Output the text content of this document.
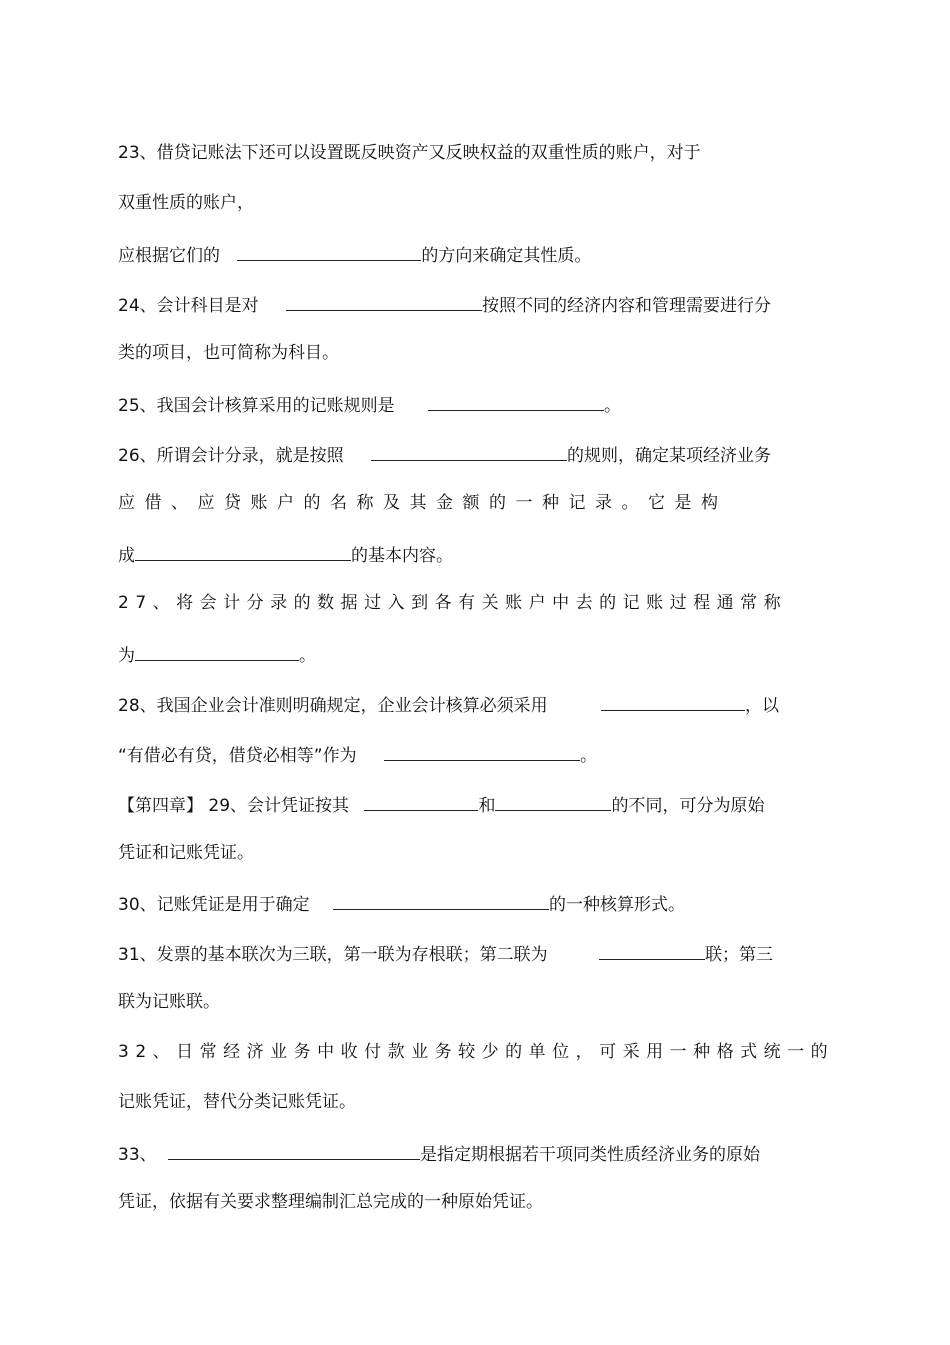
23、借贷记账法下还可以设置既反映资产又反映权益的双重性质的账户，对于
双重性质的账户，
应根据它们的	的方向来确定其性质。
24、会计科目是对	按照不同的经济内容和管理需要进行分
类的项目，也可简称为科目。
25、我国会计核算采用的记账规则是	。
26、所谓会计分录，就是按照	的规则，确定某项经济业务
应借、应贷账户的名称及其金额的一种记录。它是构
成	的基本内容。
27、将会计分录的数据过入到各有关账户中去的记账过程通常称
为	。
28、我国企业会计准则明确规定，企业会计核算必须采用	，以
“有借必有贷，借贷必相等”作为	。
【第四章】 29、会计凭证按其	和	的不同，可分为原始
凭证和记账凭证。
30、记账凭证是用于确定	的一种核算形式。
31、发票的基本联次为三联，第一联为存根联；第二联为	联；第三
联为记账联。
32、日常经济业务中收付款业务较少的单位，可采用一种格式统一的
记账凭证，替代分类记账凭证。
33、	是指定期根据若干项同类性质经济业务的原始
凭证，依据有关要求整理编制汇总完成的一种原始凭证。
